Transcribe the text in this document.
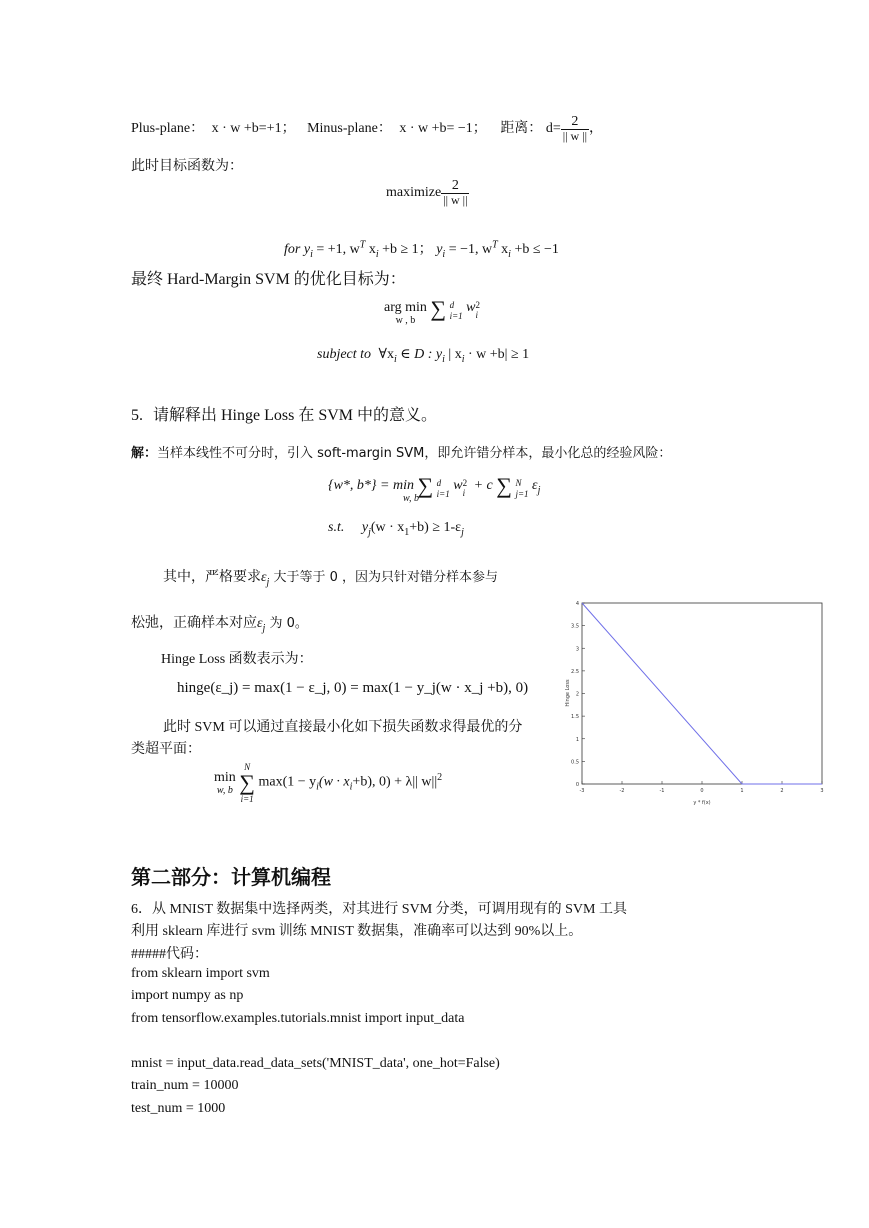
Plus-plane： x · w +b=+1； Minus-plane： x · w +b= −1； 距离： $d= \frac{2}{|| w ||}$ ，
此时目标函数为：
maximize $\frac{2}{|| w ||}$
for $y_i = +1$, $w^T$ $x_i +b \ge 1$； $y_i = -1$, $w^T$ $x_i +b \le -1$
最终 Hard-Margin SVM 的优化目标为：
arg min
$^{w , b}$ ∑ d
i=1 w2
i
subject to $\forall x_i$ ∈ D : $y_i$ | $x_i \cdot w +b| \ge 1$
5. 请解释出 Hinge Loss 在 SVM 中的意义。
解：当样本线性不可分时，引入 soft-margin SVM，即允许错分样本，最小化总的经验风险：
{w*, b*} = min
$^{w, b}$ ∑ d
i=1 w2
i + c ∑ N
j=1 $\varepsilon_j$
s.t. $y_j(w \cdot x_1+b) \ge 1-\varepsilon_j$
其中，严格要求$\varepsilon_j$ 大于等于 0 ，因为只针对错分样本参与
松弛，正确样本对应$\varepsilon_j$ 为 0。
Hinge Loss 函数表示为：
hinge(ε_j) = max(1 − ε_j, 0) = max(1 − y_j(w · x_j +b), 0)
此时 SVM 可以通过直接最小化如下损失函数求得最优的分
类超平面：
min
$^{w, b}$ N
∑
i=1 $\max(1 - y_i(w \cdot x_i+b)$, 0) + λ|| $w||^2$
0
0.5
1
1.5
2
2.5
3
3.5
4
-3	-2	-1	0	1	2	3
Hinge Loss
y * f(x)
第二部分：计算机编程
6．从 MNIST 数据集中选择两类，对其进行 SVM 分类，可调用现有的 SVM 工具
利用 sklearn 库进行 svm 训练 MNIST 数据集，准确率可以达到 90%以上。
#####代码：
from sklearn import svm
import numpy as np
from tensorflow.examples.tutorials.mnist import input_data
mnist = input_data.read_data_sets('MNIST_data', one_hot=False)
train_num = 10000
test_num = 1000
